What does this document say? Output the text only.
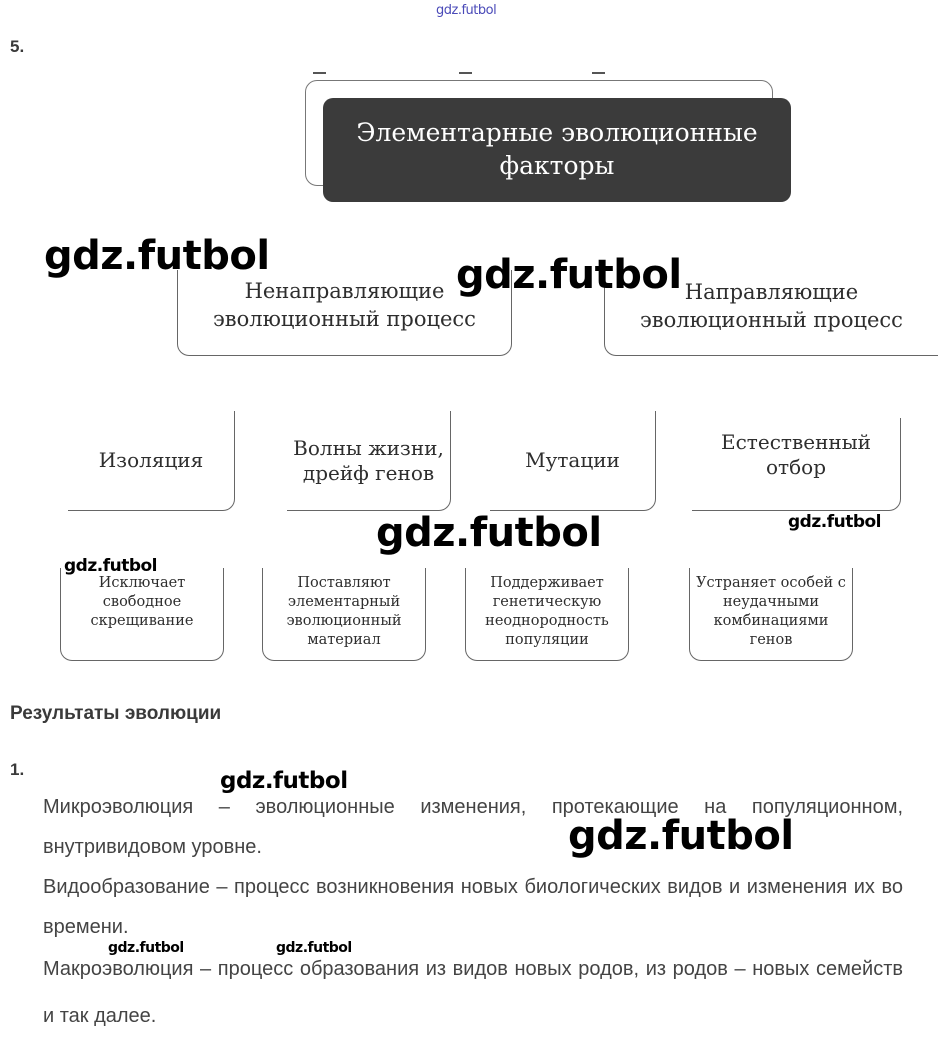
gdz.futbol
5.
Элементарные эволюционные факторы
Ненаправляющие эволюционный процесс
Направляющие эволюционный процесс
Изоляция
Волны жизни, дрейф генов
Мутации
Естественный отбор
Исключает свободное скрещивание
Поставляют элементарный эволюционный материал
Поддерживает генетическую неоднородность популяции
Устраняет особей с неудачными комбинациями генов
Результаты эволюции
1.
Микроэволюция – эволюционные изменения, протекающие на популяционном, внутривидовом уровне.
Видообразование – процесс возникновения новых биологических видов и изменения их во времени.
Макроэволюция – процесс образования из видов новых родов, из родов – новых семейств и так далее.
gdz.futbol	gdz.futbol
gdz.futbol	gdz.futbol
gdz.futbol
gdz.futbol
gdz.futbol
gdz.futbol	gdz.futbol
